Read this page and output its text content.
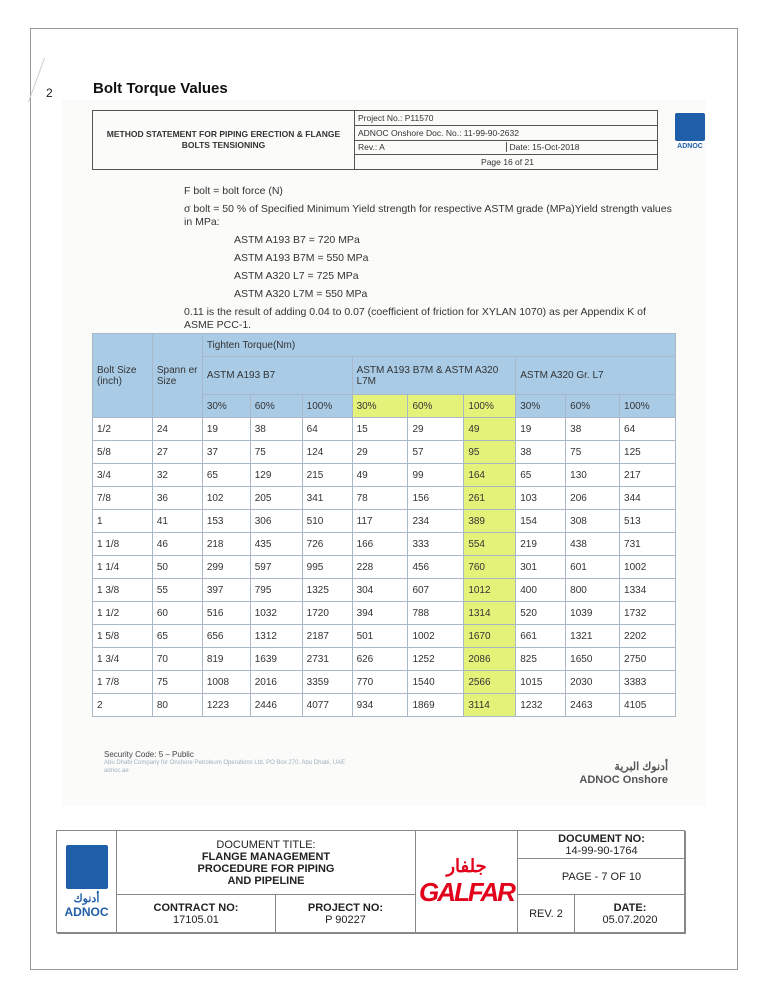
2	Bolt Torque Values
METHOD STATEMENT FOR PIPING ERECTION & FLANGE BOLTS TENSIONING
Project No.: P11570
ADNOC Onshore Doc. No.: 11-99-90-2632
Rev.: A	Date: 15-Oct-2018
Page 16 of 21
ADNOC

F bolt = bolt force (N)

σ bolt = 50 % of Specified Minimum Yield strength for respective ASTM grade (MPa)Yield strength values in MPa:

ASTM A193 B7 = 720 MPa

ASTM A193 B7M = 550 MPa

ASTM A320 L7 = 725 MPa

ASTM A320 L7M = 550 MPa

0.11 is the result of adding 0.04 to 0.07 (coefficient of friction for XYLAN 1070) as per Appendix K of ASME PCC-1.

Bolt Size (inch)	Spann er Size	Tighten Torque(Nm)								
		ASTM A193 B7			ASTM A193 B7M & ASTM A320 L7M			ASTM A320 Gr. L7		
		30%	60%	100%	30%	60%	100%	30%	60%	100%
1/2	24	19	38	64	15	29	49	19	38	64
5/8	27	37	75	124	29	57	95	38	75	125
3/4	32	65	129	215	49	99	164	65	130	217
7/8	36	102	205	341	78	156	261	103	206	344
1	41	153	306	510	117	234	389	154	308	513
1 1/8	46	218	435	726	166	333	554	219	438	731
1 1/4	50	299	597	995	228	456	760	301	601	1002
1 3/8	55	397	795	1325	304	607	1012	400	800	1334
1 1/2	60	516	1032	1720	394	788	1314	520	1039	1732
1 5/8	65	656	1312	2187	501	1002	1670	661	1321	2202
1 3/4	70	819	1639	2731	626	1252	2086	825	1650	2750
1 7/8	75	1008	2016	3359	770	1540	2566	1015	2030	3383
2	80	1223	2446	4077	934	1869	3114	1232	2463	4105
Security Code: 5 – Public
Abu Dhabi Company for Onshore Petroleum Operations Ltd. PO Box 270, Abu Dhabi, UAE
adnoc.ae	أدنوك البرية
ADNOC Onshore
أدنوك
ADNOC
DOCUMENT TITLE:
FLANGE MANAGEMENT PROCEDURE FOR PIPING AND PIPELINE
جلفار
GALFAR
DOCUMENT NO:
14-99-90-1764
PAGE - 7 OF 10
CONTRACT NO:
17105.01
PROJECT NO:
P 90227	REV. 2	DATE:
05.07.2020
